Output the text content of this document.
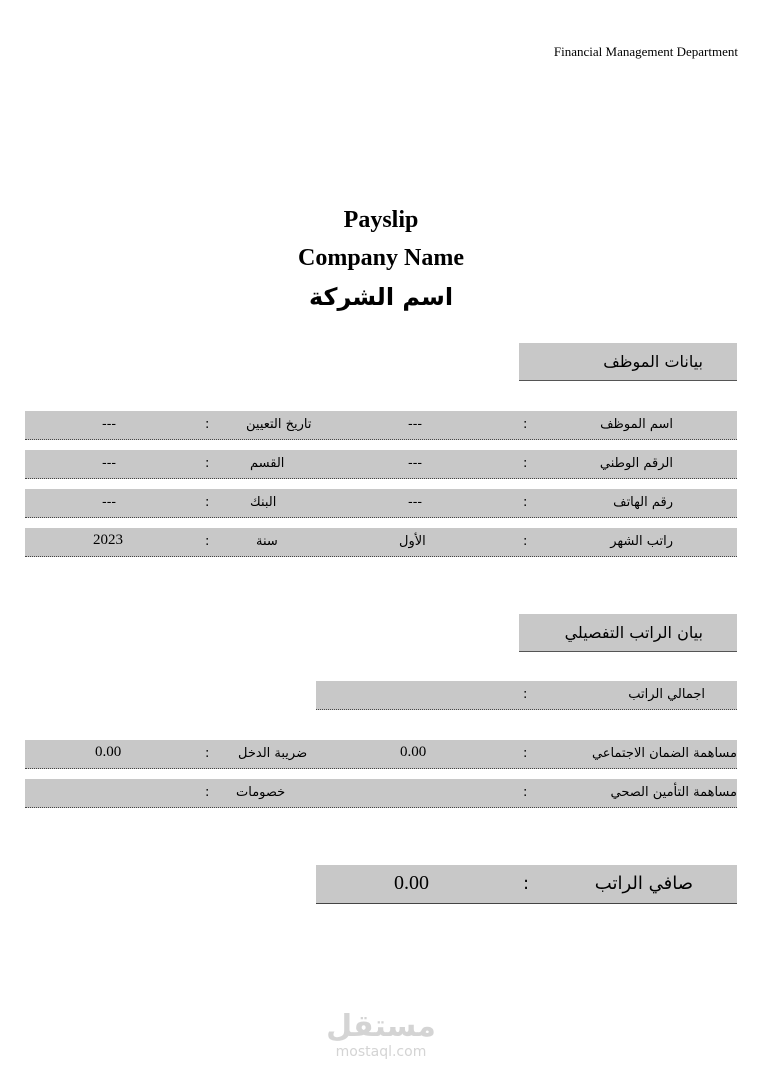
Financial Management Department
Payslip
Company Name
اسم الشركة
بيانات الموظف
اسم الموظف
:
---
تاريخ التعيين
:
---
الرقم الوطني
:
---
القسم
:
---
رقم الهاتف
:
---
البنك
:
---
راتب الشهر
:
الأول
سنة
:
2023
بيان الراتب التفصيلي
اجمالي الراتب
:
مساهمة الضمان الاجتماعي
:
0.00
ضريبة الدخل
:
0.00
مساهمة التأمين الصحي
:
خصومات
:
صافي الراتب
:
0.00
مستقل
mostaql.com
